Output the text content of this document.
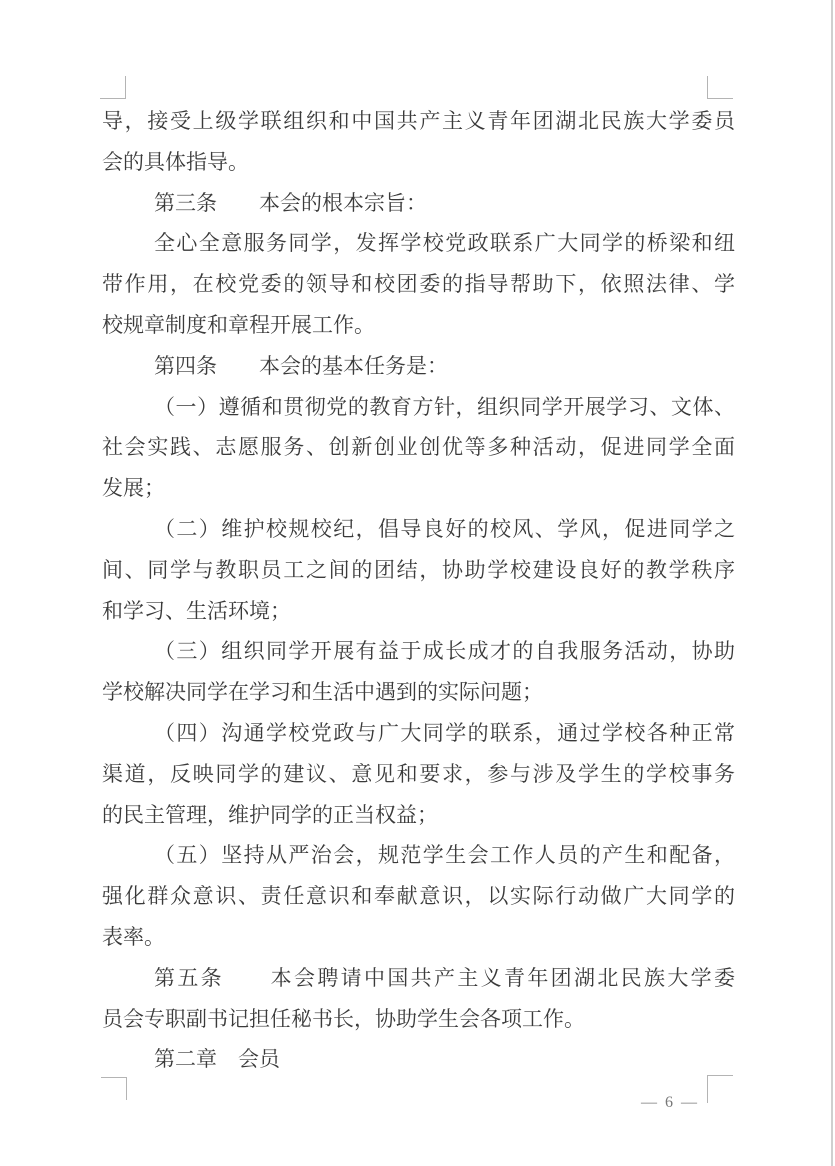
导，接受上级学联组织和中国共产主义青年团湖北民族大学委员
会的具体指导。
第三条　　本会的根本宗旨：
全心全意服务同学，发挥学校党政联系广大同学的桥梁和纽
带作用，在校党委的领导和校团委的指导帮助下，依照法律、学
校规章制度和章程开展工作。
第四条　　本会的基本任务是：
（一）遵循和贯彻党的教育方针，组织同学开展学习、文体、
社会实践、志愿服务、创新创业创优等多种活动，促进同学全面
发展；
（二）维护校规校纪，倡导良好的校风、学风，促进同学之
间、同学与教职员工之间的团结，协助学校建设良好的教学秩序
和学习、生活环境；
（三）组织同学开展有益于成长成才的自我服务活动，协助
学校解决同学在学习和生活中遇到的实际问题；
（四）沟通学校党政与广大同学的联系，通过学校各种正常
渠道，反映同学的建议、意见和要求，参与涉及学生的学校事务
的民主管理，维护同学的正当权益；
（五）坚持从严治会，规范学生会工作人员的产生和配备，
强化群众意识、责任意识和奉献意识，以实际行动做广大同学的
表率。
第五条　　本会聘请中国共产主义青年团湖北民族大学委
员会专职副书记担任秘书长，协助学生会各项工作。
第二章　会员
— 6 —
